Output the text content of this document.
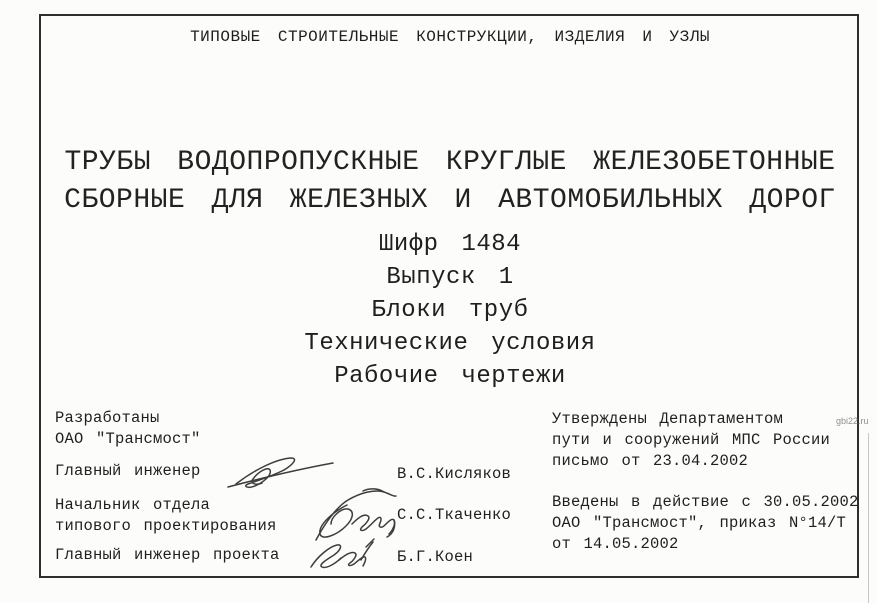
ТИПОВЫЕ СТРОИТЕЛЬНЫЕ КОНСТРУКЦИИ, ИЗДЕЛИЯ И УЗЛЫ
ТРУБЫ ВОДОПРОПУСКНЫЕ КРУГЛЫЕ ЖЕЛЕЗОБЕТОННЫЕ
СБОРНЫЕ ДЛЯ ЖЕЛЕЗНЫХ И АВТОМОБИЛЬНЫХ ДОРОГ
Шифр 1484
Выпуск 1
Блоки труб
Технические условия
Рабочие чертежи
Разработаны
ОАО "Трансмост"
Главный инженер
Начальник отдела
типового проектирования
Главный инженер проекта
В.С.Кисляков
С.С.Ткаченко
Б.Г.Коен
Утверждены Департаментом
пути и сооружений МПС России
письмо от 23.04.2002
Введены в действие с 30.05.2002
ОАО "Трансмост", приказ N°14/Т
от 14.05.2002
gbi22.ru
